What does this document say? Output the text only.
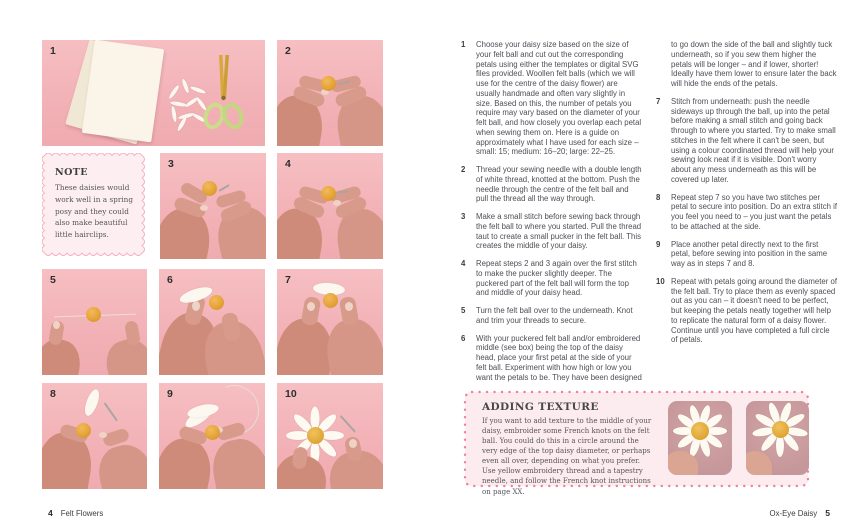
1	2

NOTE

These daisies would work well in a spring posy and they could also make beautiful little hairclips.

3	4
5	6	7
8	9	10
4 Felt Flowers

1 Choose your daisy size based on the size of your felt ball and cut out the corresponding petals using either the templates or digital SVG files provided. Woollen felt balls (which we will use for the centre of the daisy flower) are usually handmade and often vary slightly in size. Based on this, the number of petals you require may vary based on the diameter of your felt ball, and how closely you overlap each petal when sewing them on. Here is a guide on approximately what I have used for each size – small: 15; medium: 16–20; large: 22–25.

2 Thread your sewing needle with a double length of white thread, knotted at the bottom. Push the needle through the centre of the felt ball and pull the thread all the way through.

3 Make a small stitch before sewing back through the felt ball to where you started. Pull the thread taut to create a small pucker in the felt ball. This creates the middle of your daisy.

4 Repeat steps 2 and 3 again over the first stitch to make the pucker slightly deeper. The puckered part of the felt ball will form the top and middle of your daisy head.

5 Turn the felt ball over to the underneath. Knot and trim your threads to secure.

6 With your puckered felt ball and/or embroidered middle (see box) being the top of the daisy head, place your first petal at the side of your felt ball. Experiment with how high or low you want the petals to be. They have been designed to go down the side of the ball and slightly tuck underneath, so if you sew them higher the petals will be longer – and if lower, shorter! Ideally have them lower to ensure later the back will hide the ends of the petals.

7 Stitch from underneath: push the needle sideways up through the ball, up into the petal before making a small stitch and going back through to where you started. Try to make small stitches in the felt where it can't be seen, but using a colour coordinated thread will help your sewing look neat if it is visible. Don't worry about any mess underneath as this will be covered up later.

8 Repeat step 7 so you have two stitches per petal to secure into position. Do an extra stitch if you feel you need to – you just want the petals to be attached at the side.

9 Place another petal directly next to the first petal, before sewing into position in the same way as in steps 7 and 8.

10 Repeat with petals going around the diameter of the felt ball. Try to place them as evenly spaced out as you can – it doesn't need to be perfect, but keeping the petals neatly together will help to replicate the natural form of a daisy flower. Continue until you have completed a full circle of petals.

ADDING TEXTURE

If you want to add texture to the middle of your daisy, embroider some French knots on the felt ball. You could do this in a circle around the very edge of the top daisy diameter, or perhaps even all over, depending on what you prefer. Use yellow embroidery thread and a tapestry needle, and follow the French knot instructions on page XX.

Ox-Eye Daisy 5
